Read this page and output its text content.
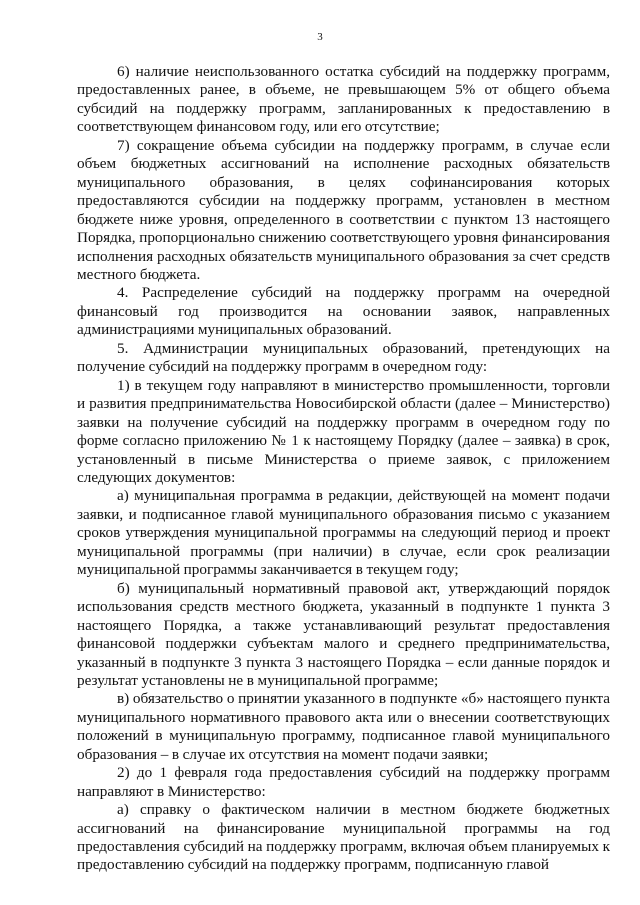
3

6) наличие неиспользованного остатка субсидий на поддержку программ, предоставленных ранее, в объеме, не превышающем 5% от общего объема субсидий на поддержку программ, запланированных к предоставлению в соответствующем финансовом году, или его отсутствие;

7) сокращение объема субсидии на поддержку программ, в случае если объем бюджетных ассигнований на исполнение расходных обязательств муниципального образования, в целях софинансирования которых предоставляются субсидии на поддержку программ, установлен в местном бюджете ниже уровня, определенного в соответствии с пунктом 13 настоящего Порядка, пропорционально снижению соответствующего уровня финансирования исполнения расходных обязательств муниципального образования за счет средств местного бюджета.

4. Распределение субсидий на поддержку программ на очередной финансовый год производится на основании заявок, направленных администрациями муниципальных образований.

5. Администрации муниципальных образований, претендующих на получение субсидий на поддержку программ в очередном году:

1) в текущем году направляют в министерство промышленности, торговли и развития предпринимательства Новосибирской области (далее – Министерство) заявки на получение субсидий на поддержку программ в очередном году по форме согласно приложению № 1 к настоящему Порядку (далее – заявка) в срок, установленный в письме Министерства о приеме заявок, с приложением следующих документов:

а) муниципальная программа в редакции, действующей на момент подачи заявки, и подписанное главой муниципального образования письмо с указанием сроков утверждения муниципальной программы на следующий период и проект муниципальной программы (при наличии) в случае, если срок реализации муниципальной программы заканчивается в текущем году;

б) муниципальный нормативный правовой акт, утверждающий порядок использования средств местного бюджета, указанный в подпункте 1 пункта 3 настоящего Порядка, а также устанавливающий результат предоставления финансовой поддержки субъектам малого и среднего предпринимательства, указанный в подпункте 3 пункта 3 настоящего Порядка – если данные порядок и результат установлены не в муниципальной программе;

в) обязательство о принятии указанного в подпункте «б» настоящего пункта муниципального нормативного правового акта или о внесении соответствующих положений в муниципальную программу, подписанное главой муниципального образования – в случае их отсутствия на момент подачи заявки;

2) до 1 февраля года предоставления субсидий на поддержку программ направляют в Министерство:

а) справку о фактическом наличии в местном бюджете бюджетных ассигнований на финансирование муниципальной программы на год предоставления субсидий на поддержку программ, включая объем планируемых к предоставлению субсидий на поддержку программ, подписанную главой
